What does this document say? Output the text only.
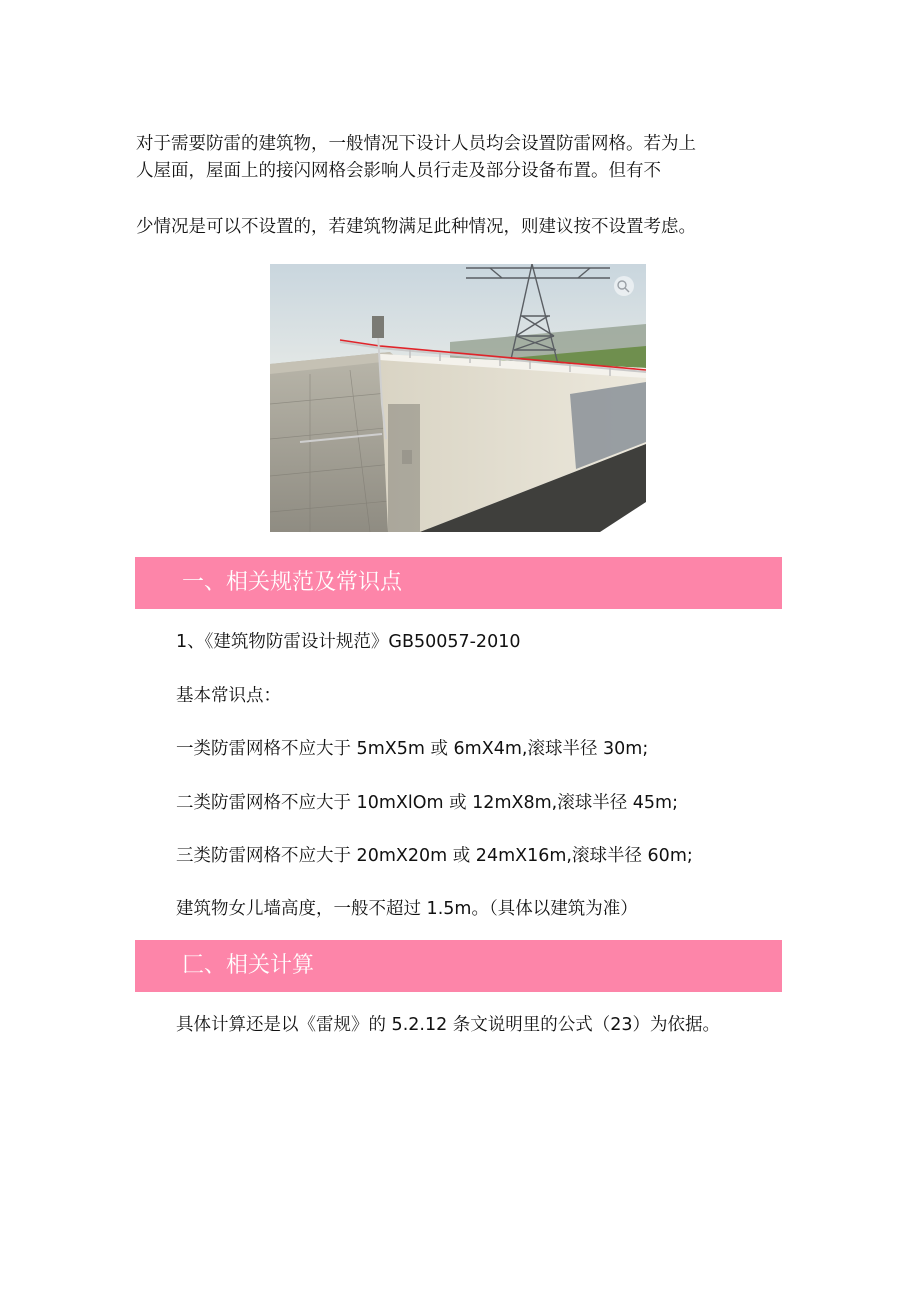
对于需要防雷的建筑物，一般情况下设计人员均会设置防雷网格。若为上

人屋面，屋面上的接闪网格会影响人员行走及部分设备布置。但有不

少情况是可以不设置的，若建筑物满足此种情况，则建议按不设置考虑。

一、相关规范及常识点

1、《建筑物防雷设计规范》GB50057-2010

基本常识点：

一类防雷网格不应大于 5mX5m 或 6mX4m,滚球半径 30m;

二类防雷网格不应大于 10mXlOm 或 12mX8m,滚球半径 45m;

三类防雷网格不应大于 20mX20m 或 24mX16m,滚球半径 60m;

建筑物女儿墙高度，一般不超过 1.5m。（具体以建筑为准）

匚、相关计算

具体计算还是以《雷规》的 5.2.12 条文说明里的公式（23）为依据。
